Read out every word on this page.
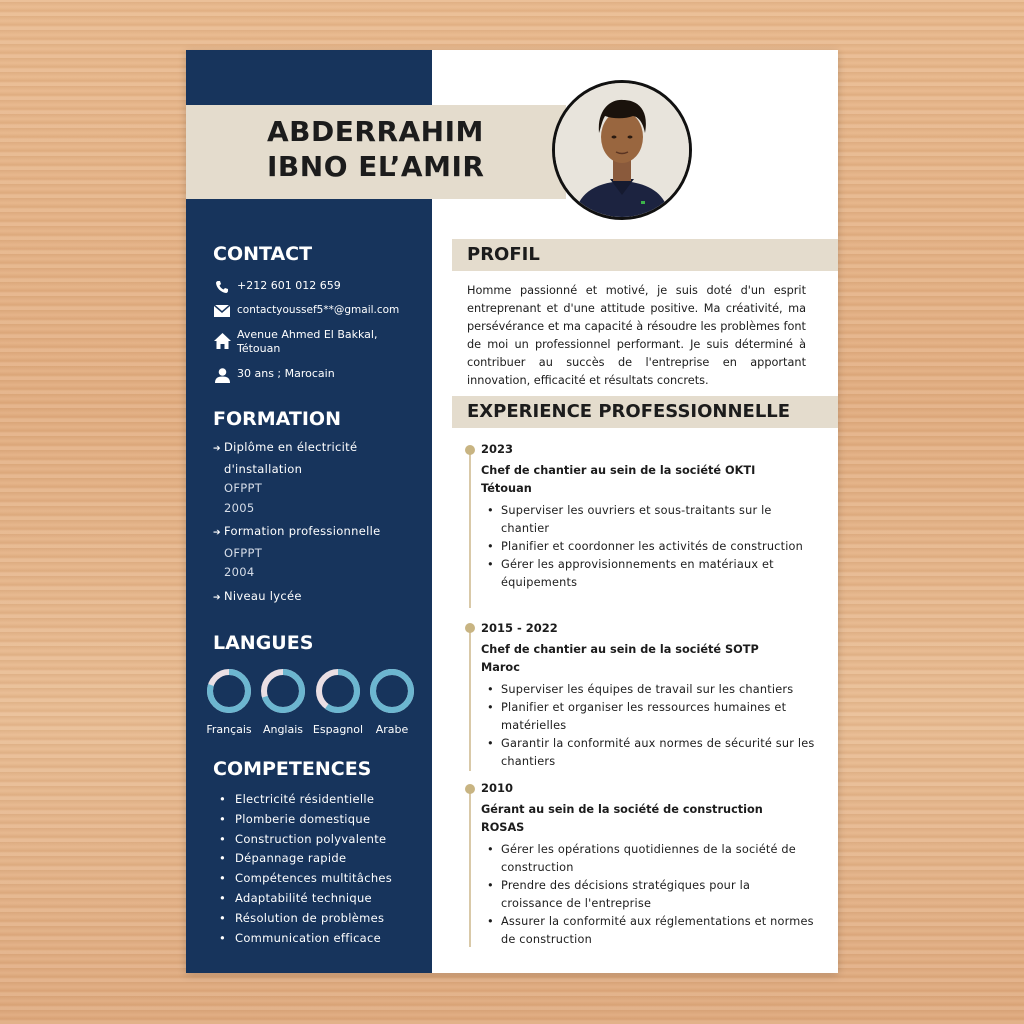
ABDERRAHIM
IBNO EL’AMIR
CONTACT
+212 601 012 659
contactyoussef5**@gmail.com
Avenue Ahmed El Bakkal,
Tétouan
30 ans ; Marocain
FORMATION
➔ Diplôme en électricité
d'installation
OFPPT
2005
➔ Formation professionnelle
OFPPT
2004
➔ Niveau lycée
LANGUES
Français	Anglais Espagnol	Arabe
COMPETENCES
• Electricité résidentielle
• Plomberie domestique
• Construction polyvalente
• Dépannage rapide
• Compétences multitâches
• Adaptabilité technique
• Résolution de problèmes
• Communication efficace
PROFIL
Homme passionné et motivé, je suis doté d'un esprit entreprenant et d'une attitude positive. Ma créativité, ma persévérance et ma capacité à résoudre les problèmes font de moi un professionnel performant. Je suis déterminé à contribuer au succès de l'entreprise en apportant innovation, efficacité et résultats concrets.
EXPERIENCE PROFESSIONNELLE
2023
Chef de chantier au sein de la société OKTI Tétouan
• Superviser les ouvriers et sous-traitants sur le chantier
• Planifier et coordonner les activités de construction
• Gérer les approvisionnements en matériaux et équipements
2015 - 2022
Chef de chantier au sein de la société SOTP Maroc
• Superviser les équipes de travail sur les chantiers
• Planifier et organiser les ressources humaines et matérielles
• Garantir la conformité aux normes de sécurité sur les chantiers
2010
Gérant au sein de la société de construction ROSAS
• Gérer les opérations quotidiennes de la société de construction
• Prendre des décisions stratégiques pour la croissance de l'entreprise
• Assurer la conformité aux réglementations et normes de construction
